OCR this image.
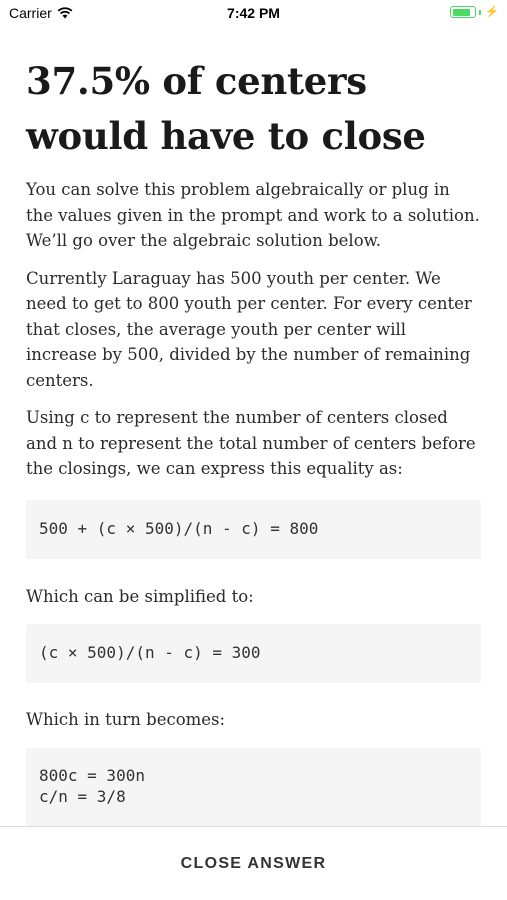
Carrier	7:42 PM	⚡
37.5% of centers would have to close

You can solve this problem algebraically or plug in the values given in the prompt and work to a solution. We’ll go over the algebraic solution below.

Currently Laraguay has 500 youth per center. We need to get to 800 youth per center. For every center that closes, the average youth per center will increase by 500, divided by the number of remaining centers.

Using c to represent the number of centers closed and n to represent the total number of centers before the closings, we can express this equality as:

500 + (c × 500)/(n - c) = 800

Which can be simplified to:

(c × 500)/(n - c) = 300

Which in turn becomes:

800c = 300n
c/n = 3/8

CLOSE ANSWER
